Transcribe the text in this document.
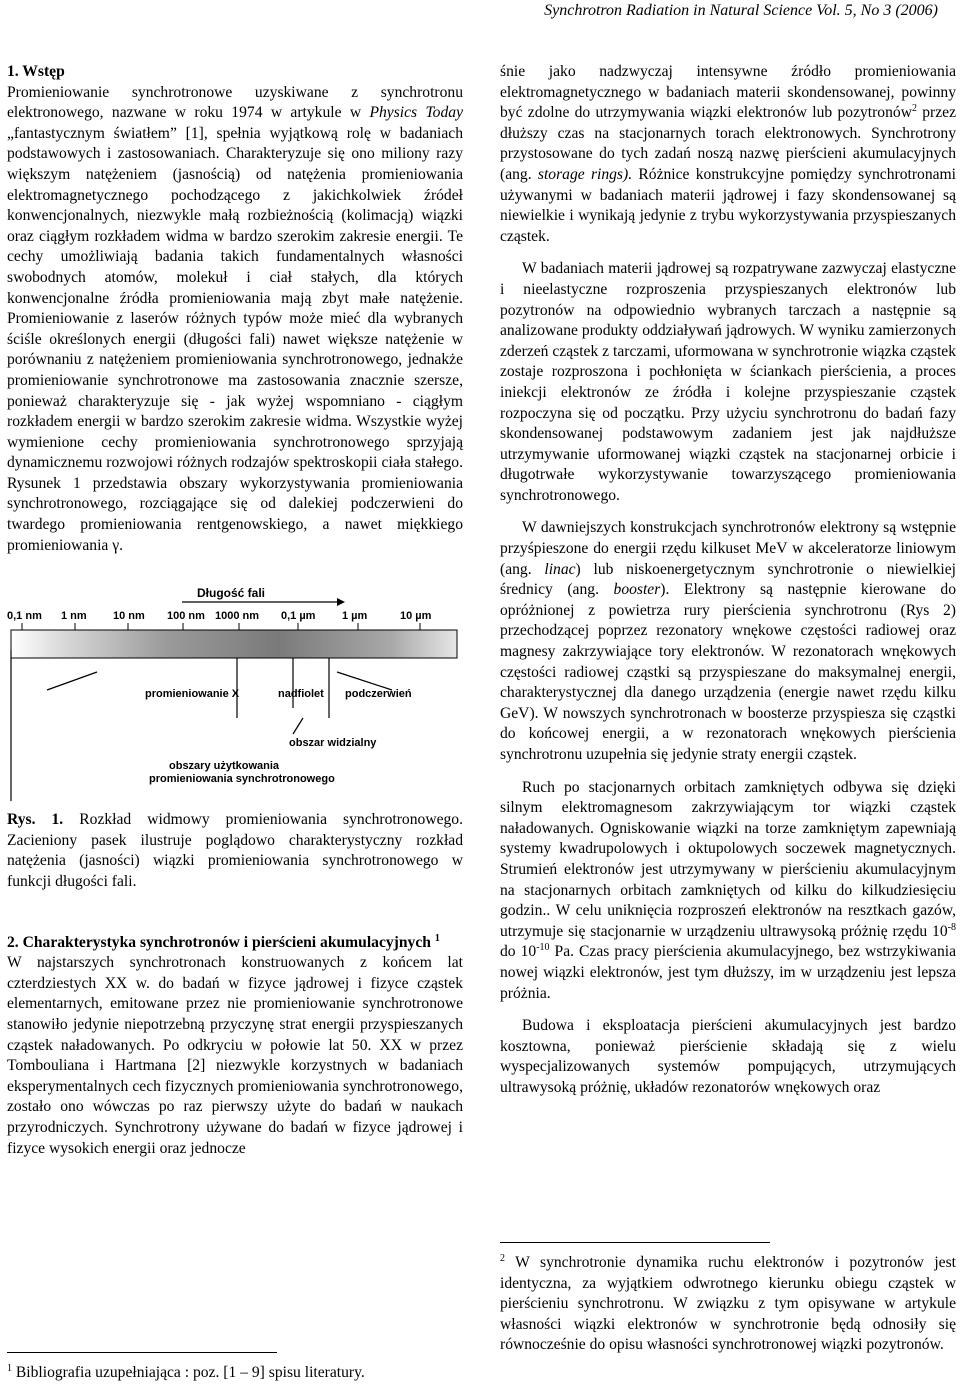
Synchrotron Radiation in Natural Science Vol. 5, No 3 (2006)
1. Wstęp

Promieniowanie synchrotronowe uzyskiwane z synchrotronu elektronowego, nazwane w roku 1974 w artykule w Physics Today „fantastycznym światłem” [1], spełnia wyjątkową rolę w badaniach podstawowych i zastosowaniach. Charakteryzuje się ono miliony razy większym natężeniem (jasnością) od natężenia promieniowania elektromagnetycznego pochodzącego z jakichkolwiek źródeł konwencjonalnych, niezwykle małą rozbieżnością (kolimacją) wiązki oraz ciągłym rozkładem widma w bardzo szerokim zakresie energii. Te cechy umożliwiają badania takich fundamentalnych własności swobodnych atomów, molekuł i ciał stałych, dla których konwencjonalne źródła promieniowania mają zbyt małe natężenie. Promieniowanie z laserów różnych typów może mieć dla wybranych ściśle określonych energii (długości fali) nawet większe natężenie w porównaniu z natężeniem promieniowania synchrotronowego, jednakże promieniowanie synchrotronowe ma zastosowania znacznie szersze, ponieważ charakteryzuje się - jak wyżej wspomniano - ciągłym rozkładem energii w bardzo szerokim zakresie widma. Wszystkie wyżej wymienione cechy promieniowania synchrotronowego sprzyjają dynamicznemu rozwojowi różnych rodzajów spektroskopii ciała stałego. Rysunek 1 przedstawia obszary wykorzystywania promieniowania synchrotronowego, rozciągające się od dalekiej podczerwieni do twardego promieniowania rentgenowskiego, a nawet miękkiego promieniowania γ.

Długość fali
0,1 nm 1 nm 10 nm 100 nm 1000 nm 0,1 µm 1 µm	10 µm
promieniowanie X	nadfiolet podczerwień
obszar widzialny
obszary użytkowania
promieniowania synchrotronowego

Rys. 1. Rozkład widmowy promieniowania synchrotronowego. Zacieniony pasek ilustruje poglądowo charakterystyczny rozkład natężenia (jasności) wiązki promieniowania synchrotronowego w funkcji długości fali.

2. Charakterystyka synchrotronów i pierścieni akumulacyjnych $^1$

W najstarszych synchrotronach konstruowanych z końcem lat czterdziestych XX w. do badań w fizyce jądrowej i fizyce cząstek elementarnych, emitowane przez nie promieniowanie synchrotronowe stanowiło jedynie niepotrzebną przyczynę strat energii przyspieszanych cząstek naładowanych. Po odkryciu w połowie lat 50. XX w przez Tombouliana i Hartmana [2] niezwykle korzystnych w badaniach eksperymentalnych cech fizycznych promieniowania synchrotronowego, zostało ono wówczas po raz pierwszy użyte do badań w naukach przyrodniczych. Synchrotrony używane do badań w fizyce jądrowej i fizyce wysokich energii oraz jednocze

$^1$ Bibliografia uzupełniająca : poz. [1 – 9] spisu literatury.

śnie jako nadzwyczaj intensywne źródło promieniowania elektromagnetycznego w badaniach materii skondensowanej, powinny być zdolne do utrzymywania wiązki elektronów lub pozytronów$^2$ przez dłuższy czas na stacjonarnych torach elektronowych. Synchrotrony przystosowane do tych zadań noszą nazwę pierścieni akumulacyjnych (ang. storage rings). Różnice konstrukcyjne pomiędzy synchrotronami używanymi w badaniach materii jądrowej i fazy skondensowanej są niewielkie i wynikają jedynie z trybu wykorzystywania przyspieszanych cząstek.

W badaniach materii jądrowej są rozpatrywane zazwyczaj elastyczne i nieelastyczne rozproszenia przyspieszanych elektronów lub pozytronów na odpowiednio wybranych tarczach a następnie są analizowane produkty oddziaływań jądrowych. W wyniku zamierzonych zderzeń cząstek z tarczami, uformowana w synchrotronie wiązka cząstek zostaje rozproszona i pochłonięta w ściankach pierścienia, a proces iniekcji elektronów ze źródła i kolejne przyspieszanie cząstek rozpoczyna się od początku. Przy użyciu synchrotronu do badań fazy skondensowanej podstawowym zadaniem jest jak najdłuższe utrzymywanie uformowanej wiązki cząstek na stacjonarnej orbicie i długotrwałe wykorzystywanie towarzyszącego promieniowania synchrotronowego.

W dawniejszych konstrukcjach synchrotronów elektrony są wstępnie przyśpieszone do energii rzędu kilkuset MeV w akceleratorze liniowym (ang. linac) lub niskoenergetycznym synchrotronie o niewielkiej średnicy (ang. booster). Elektrony są następnie kierowane do opróżnionej z powietrza rury pierścienia synchrotronu (Rys 2) przechodzącej poprzez rezonatory wnękowe częstości radiowej oraz magnesy zakrzywiające tory elektronów. W rezonatorach wnękowych częstości radiowej cząstki są przyspieszane do maksymalnej energii, charakterystycznej dla danego urządzenia (energie nawet rzędu kilku GeV). W nowszych synchrotronach w boosterze przyspiesza się cząstki do końcowej energii, a w rezonatorach wnękowych pierścienia synchrotronu uzupełnia się jedynie straty energii cząstek.

Ruch po stacjonarnych orbitach zamkniętych odbywa się dzięki silnym elektromagnesom zakrzywiającym tor wiązki cząstek naładowanych. Ogniskowanie wiązki na torze zamkniętym zapewniają systemy kwadrupolowych i oktupolowych soczewek magnetycznych. Strumień elektronów jest utrzymywany w pierścieniu akumulacyjnym na stacjonarnych orbitach zamkniętych od kilku do kilkudziesięciu godzin.. W celu uniknięcia rozproszeń elektronów na resztkach gazów, utrzymuje się stacjonarnie w urządzeniu ultrawysoką próżnię rzędu $10^{-8}$ do $10^{-10}$ Pa. Czas pracy pierścienia akumulacyjnego, bez wstrzykiwania nowej wiązki elektronów, jest tym dłuższy, im w urządzeniu jest lepsza próżnia.

Budowa i eksploatacja pierścieni akumulacyjnych jest bardzo kosztowna, ponieważ pierścienie składają się z wielu wyspecjalizowanych systemów pompujących, utrzymujących ultrawysoką próżnię, układów rezonatorów wnękowych oraz

$^2$ W synchrotronie dynamika ruchu elektronów i pozytronów jest identyczna, za wyjątkiem odwrotnego kierunku obiegu cząstek w pierścieniu synchrotronu. W związku z tym opisywane w artykule własności wiązki elektronów w synchrotronie będą odnosiły się równocześnie do opisu własności synchrotronowej wiązki pozytronów.
